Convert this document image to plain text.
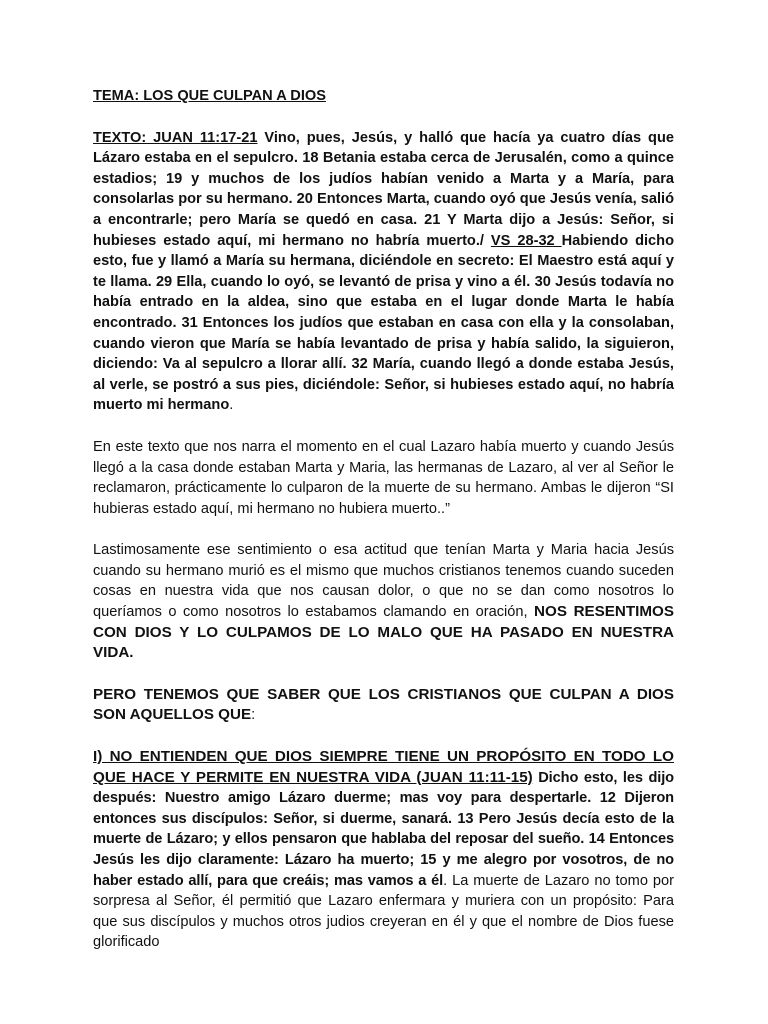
TEMA: LOS QUE CULPAN A DIOS

TEXTO: JUAN 11:17-21 Vino, pues, Jesús, y halló que hacía ya cuatro días que Lázaro estaba en el sepulcro. 18 Betania estaba cerca de Jerusalén, como a quince estadios; 19 y muchos de los judíos habían venido a Marta y a María, para consolarlas por su hermano. 20 Entonces Marta, cuando oyó que Jesús venía, salió a encontrarle; pero María se quedó en casa. 21 Y Marta dijo a Jesús: Señor, si hubieses estado aquí, mi hermano no habría muerto./ VS 28-32 Habiendo dicho esto, fue y llamó a María su hermana, diciéndole en secreto: El Maestro está aquí y te llama. 29 Ella, cuando lo oyó, se levantó de prisa y vino a él. 30 Jesús todavía no había entrado en la aldea, sino que estaba en el lugar donde Marta le había encontrado. 31 Entonces los judíos que estaban en casa con ella y la consolaban, cuando vieron que María se había levantado de prisa y había salido, la siguieron, diciendo: Va al sepulcro a llorar allí. 32 María, cuando llegó a donde estaba Jesús, al verle, se postró a sus pies, diciéndole: Señor, si hubieses estado aquí, no habría muerto mi hermano.

En este texto que nos narra el momento en el cual Lazaro había muerto y cuando Jesús llegó a la casa donde estaban Marta y Maria, las hermanas de Lazaro, al ver al Señor le reclamaron, prácticamente lo culparon de la muerte de su hermano. Ambas le dijeron “SI hubieras estado aquí, mi hermano no hubiera muerto..”

Lastimosamente ese sentimiento o esa actitud que tenían Marta y Maria hacia Jesús cuando su hermano murió es el mismo que muchos cristianos tenemos cuando suceden cosas en nuestra vida que nos causan dolor, o que no se dan como nosotros lo queríamos o como nosotros lo estabamos clamando en oración, NOS RESENTIMOS CON DIOS Y LO CULPAMOS DE LO MALO QUE HA PASADO EN NUESTRA VIDA.

PERO TENEMOS QUE SABER QUE LOS CRISTIANOS QUE CULPAN A DIOS SON AQUELLOS QUE:

I) NO ENTIENDEN QUE DIOS SIEMPRE TIENE UN PROPÓSITO EN TODO LO QUE HACE Y PERMITE EN NUESTRA VIDA (JUAN 11:11-15) Dicho esto, les dijo después: Nuestro amigo Lázaro duerme; mas voy para despertarle. 12 Dijeron entonces sus discípulos: Señor, si duerme, sanará. 13 Pero Jesús decía esto de la muerte de Lázaro; y ellos pensaron que hablaba del reposar del sueño. 14 Entonces Jesús les dijo claramente: Lázaro ha muerto; 15 y me alegro por vosotros, de no haber estado allí, para que creáis; mas vamos a él. La muerte de Lazaro no tomo por sorpresa al Señor, él permitió que Lazaro enfermara y muriera con un propósito: Para que sus discípulos y muchos otros judios creyeran en él y que el nombre de Dios fuese glorificado
